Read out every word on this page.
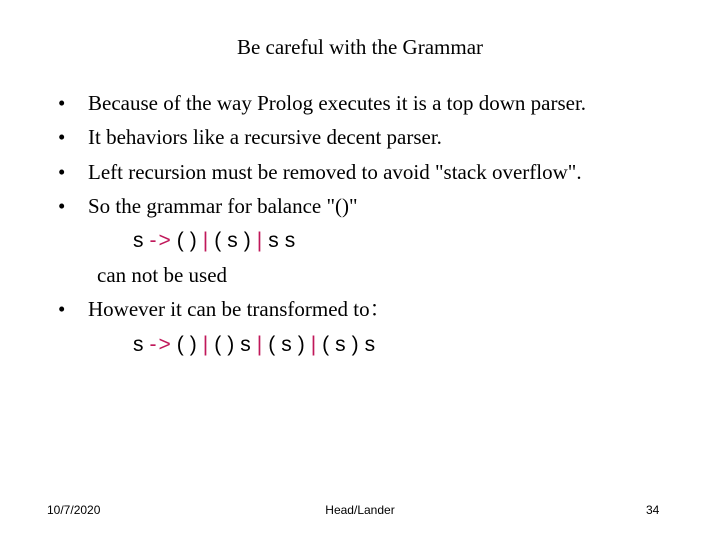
Be careful with the Grammar
• Because of the way Prolog executes it is a top down parser.
• It behaviors like a recursive decent parser.
• Left recursion must be removed to avoid "stack overflow".
• So the grammar for balance "()"
s -> ( ) | ( s ) | s s
can not be used
• However it can be transformed to：
s -> ( ) | ( ) s | ( s ) | ( s ) s
10/7/2020	Head/Lander	34
